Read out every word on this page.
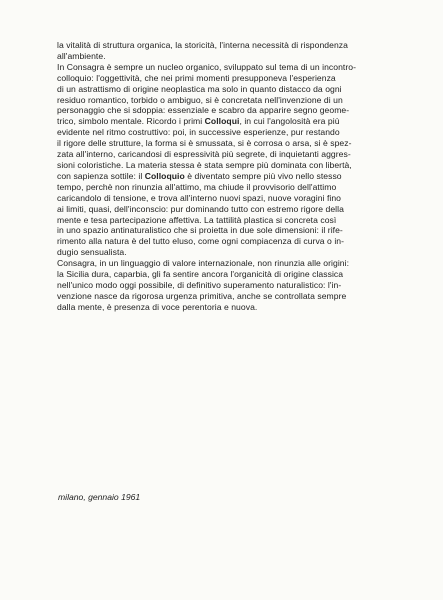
la vitalità di struttura organica, la storicità, l'interna necessità di rispondenza
all'ambiente.

In Consagra è sempre un nucleo organico, sviluppato sul tema di un incontro-
colloquio: l'oggettività, che nei primi momenti presupponeva l'esperienza
di un astrattismo di origine neoplastica ma solo in quanto distacco da ogni
residuo romantico, torbido o ambiguo, si è concretata nell'invenzione di un
personaggio che si sdoppia: essenziale e scabro da apparire segno geome-
trico, simbolo mentale. Ricordo i primi Colloqui, in cui l'angolosità era più
evidente nel ritmo costruttivo: poi, in successive esperienze, pur restando
il rigore delle strutture, la forma si è smussata, si è corrosa o arsa, si è spez-
zata all'interno, caricandosi di espressività più segrete, di inquietanti aggres-
sioni coloristiche. La materia stessa è stata sempre più dominata con libertà,
con sapienza sottile: il Colloquio è diventato sempre più vivo nello stesso
tempo, perchè non rinunzia all'attimo, ma chiude il provvisorio dell'attimo
caricandolo di tensione, e trova all'interno nuovi spazi, nuove voragini fino
ai limiti, quasi, dell'inconscio: pur dominando tutto con estremo rigore della
mente e tesa partecipazione affettiva. La tattilità plastica si concreta così
in uno spazio antinaturalistico che si proietta in due sole dimensioni: il rife-
rimento alla natura è del tutto eluso, come ogni compiacenza di curva o in-
dugio sensualista.

Consagra, in un linguaggio di valore internazionale, non rinunzia alle origini:
la Sicilia dura, caparbia, gli fa sentire ancora l'organicità di origine classica
nell'unico modo oggi possibile, di definitivo superamento naturalistico: l'in-
venzione nasce da rigorosa urgenza primitiva, anche se controllata sempre
dalla mente, è presenza di voce perentoria e nuova.

milano, gennaio 1961
